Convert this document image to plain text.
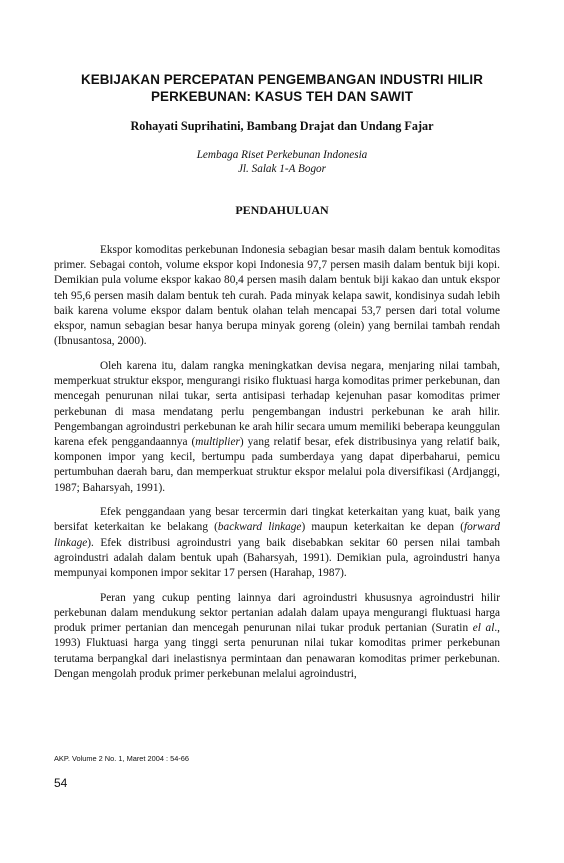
KEBIJAKAN PERCEPATAN PENGEMBANGAN INDUSTRI HILIR
PERKEBUNAN: KASUS TEH DAN SAWIT

Rohayati Suprihatini, Bambang Drajat dan Undang Fajar

Lembaga Riset Perkebunan Indonesia
Jl. Salak 1-A Bogor

PENDAHULUAN

Ekspor komoditas perkebunan Indonesia sebagian besar masih dalam bentuk komoditas primer. Sebagai contoh, volume ekspor kopi Indonesia 97,7 persen masih dalam bentuk biji kopi. Demikian pula volume ekspor kakao 80,4 persen masih dalam bentuk biji kakao dan untuk ekspor teh 95,6 persen masih dalam bentuk teh curah. Pada minyak kelapa sawit, kondisinya sudah lebih baik karena volume ekspor dalam bentuk olahan telah mencapai 53,7 persen dari total volume ekspor, namun sebagian besar hanya berupa minyak goreng (olein) yang bernilai tambah rendah (Ibnusantosa, 2000).

Oleh karena itu, dalam rangka meningkatkan devisa negara, menjaring nilai tambah, memperkuat struktur ekspor, mengurangi risiko fluktuasi harga komoditas primer perkebunan, dan mencegah penurunan nilai tukar, serta antisipasi terhadap kejenuhan pasar komoditas primer perkebunan di masa mendatang perlu pengembangan industri perkebunan ke arah hilir. Pengembangan agroindustri perkebunan ke arah hilir secara umum memiliki beberapa keunggulan karena efek penggandaannya (multiplier) yang relatif besar, efek distribusinya yang relatif baik, komponen impor yang kecil, bertumpu pada sumberdaya yang dapat diperbaharui, pemicu pertumbuhan daerah baru, dan memperkuat struktur ekspor melalui pola diversifikasi (Ardjanggi, 1987; Baharsyah, 1991).

Efek penggandaan yang besar tercermin dari tingkat keterkaitan yang kuat, baik yang bersifat keterkaitan ke belakang (backward linkage) maupun keterkaitan ke depan (forward linkage). Efek distribusi agroindustri yang baik disebabkan sekitar 60 persen nilai tambah agroindustri adalah dalam bentuk upah (Baharsyah, 1991). Demikian pula, agroindustri hanya mempunyai komponen impor sekitar 17 persen (Harahap, 1987).

Peran yang cukup penting lainnya dari agroindustri khususnya agroindustri hilir perkebunan dalam mendukung sektor pertanian adalah dalam upaya mengurangi fluktuasi harga produk primer pertanian dan mencegah penurunan nilai tukar produk pertanian (Suratin el al., 1993) Fluktuasi harga yang tinggi serta penurunan nilai tukar komoditas primer perkebunan terutama berpangkal dari inelastisnya permintaan dan penawaran komoditas primer perkebunan. Dengan mengolah produk primer perkebunan melalui agroindustri,

AKP. Volume 2 No. 1, Maret 2004 : 54-66

54
